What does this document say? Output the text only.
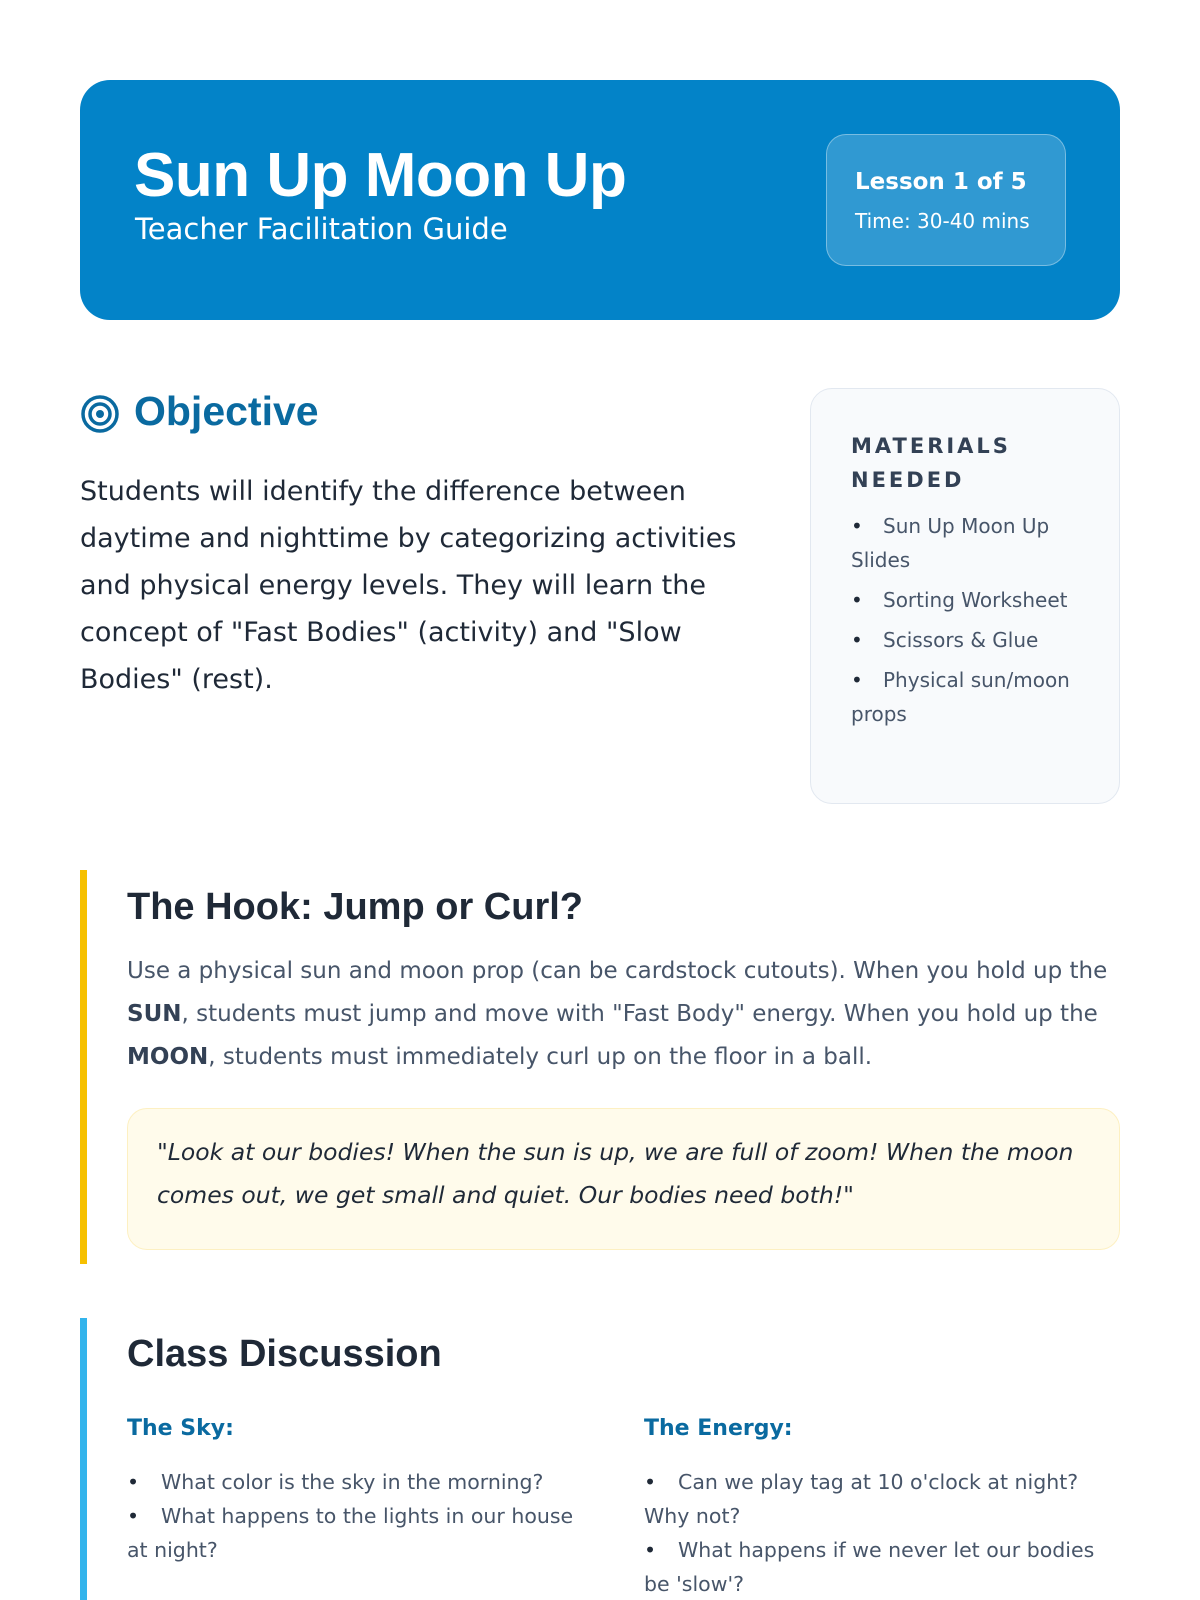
Sun Up Moon Up
Teacher Facilitation Guide
Lesson 1 of 5
Time: 30-40 mins
Objective
Students will identify the difference between daytime and nighttime by categorizing activities and physical energy levels. They will learn the concept of "Fast Bodies" (activity) and "Slow Bodies" (rest).
MATERIALS NEEDED
• Sun Up Moon Up Slides
• Sorting Worksheet
• Scissors & Glue
• Physical sun/moon props
The Hook: Jump or Curl?
Use a physical sun and moon prop (can be cardstock cutouts). When you hold up the SUN, students must jump and move with "Fast Body" energy. When you hold up the MOON, students must immediately curl up on the floor in a ball.
"Look at our bodies! When the sun is up, we are full of zoom! When the moon comes out, we get small and quiet. Our bodies need both!"
Class Discussion
The Sky:
• What color is the sky in the morning?
• What happens to the lights in our house at night?
The Energy:
• Can we play tag at 10 o'clock at night? Why not?
• What happens if we never let our bodies be 'slow'?
